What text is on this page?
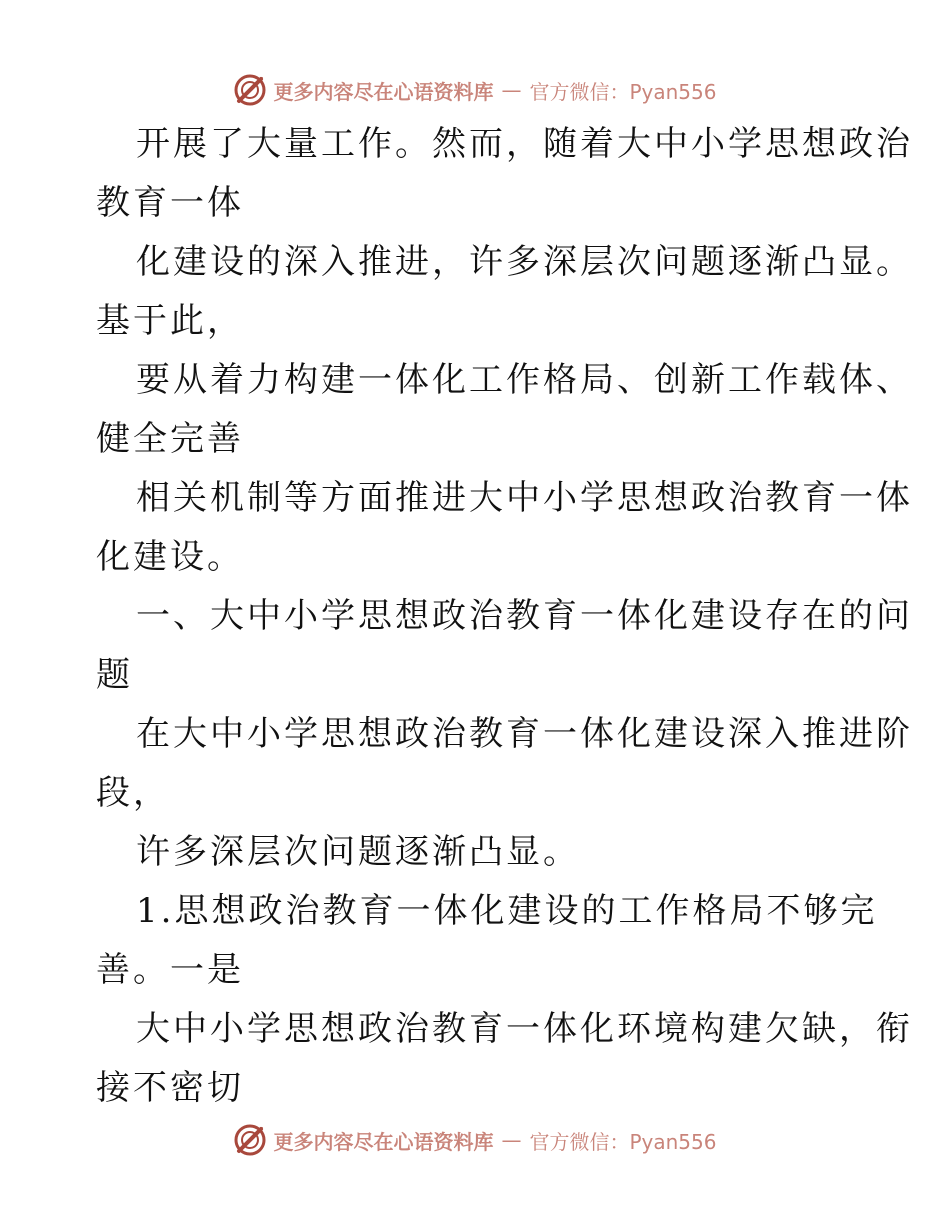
更多内容尽在心语资料库 — 官方微信：Pyan556

开展了大量工作。然而，随着大中小学思想政治
教育一体

化建设的深入推进，许多深层次问题逐渐凸显。
基于此，

要从着力构建一体化工作格局、创新工作载体、
健全完善

相关机制等方面推进大中小学思想政治教育一体
化建设。

一、大中小学思想政治教育一体化建设存在的问
题

在大中小学思想政治教育一体化建设深入推进阶
段，

许多深层次问题逐渐凸显。

1.思想政治教育一体化建设的工作格局不够完
善。一是

大中小学思想政治教育一体化环境构建欠缺，衔
接不密切

更多内容尽在心语资料库 — 官方微信：Pyan556
